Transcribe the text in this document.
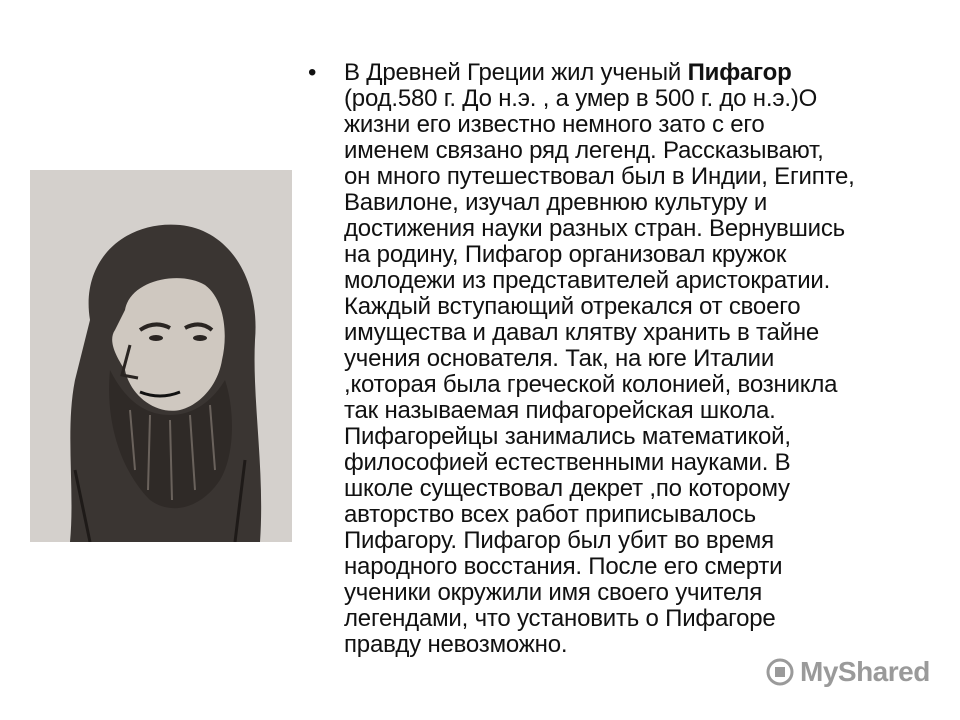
•	В Древней Греции жил ученый Пифагор
(род.580 г. До н.э. , а умер в 500 г. до н.э.)О
жизни его известно немного зато с его
именем связано ряд легенд. Рассказывают,
он много путешествовал был в Индии, Египте,
Вавилоне, изучал древнюю культуру и
достижения науки разных стран. Вернувшись
на родину, Пифагор организовал кружок
молодежи из представителей аристократии.
Каждый вступающий отрекался от своего
имущества и давал клятву хранить в тайне
учения основателя. Так, на юге Италии
,которая была греческой колонией, возникла
так называемая пифагорейская школа.
Пифагорейцы занимались математикой,
философией естественными науками. В
школе существовал декрет ,по которому
авторство всех работ приписывалось
Пифагору. Пифагор был убит во время
народного восстания. После его смерти
ученики окружили имя своего учителя
легендами, что установить о Пифагоре
правду невозможно.
MyShared
